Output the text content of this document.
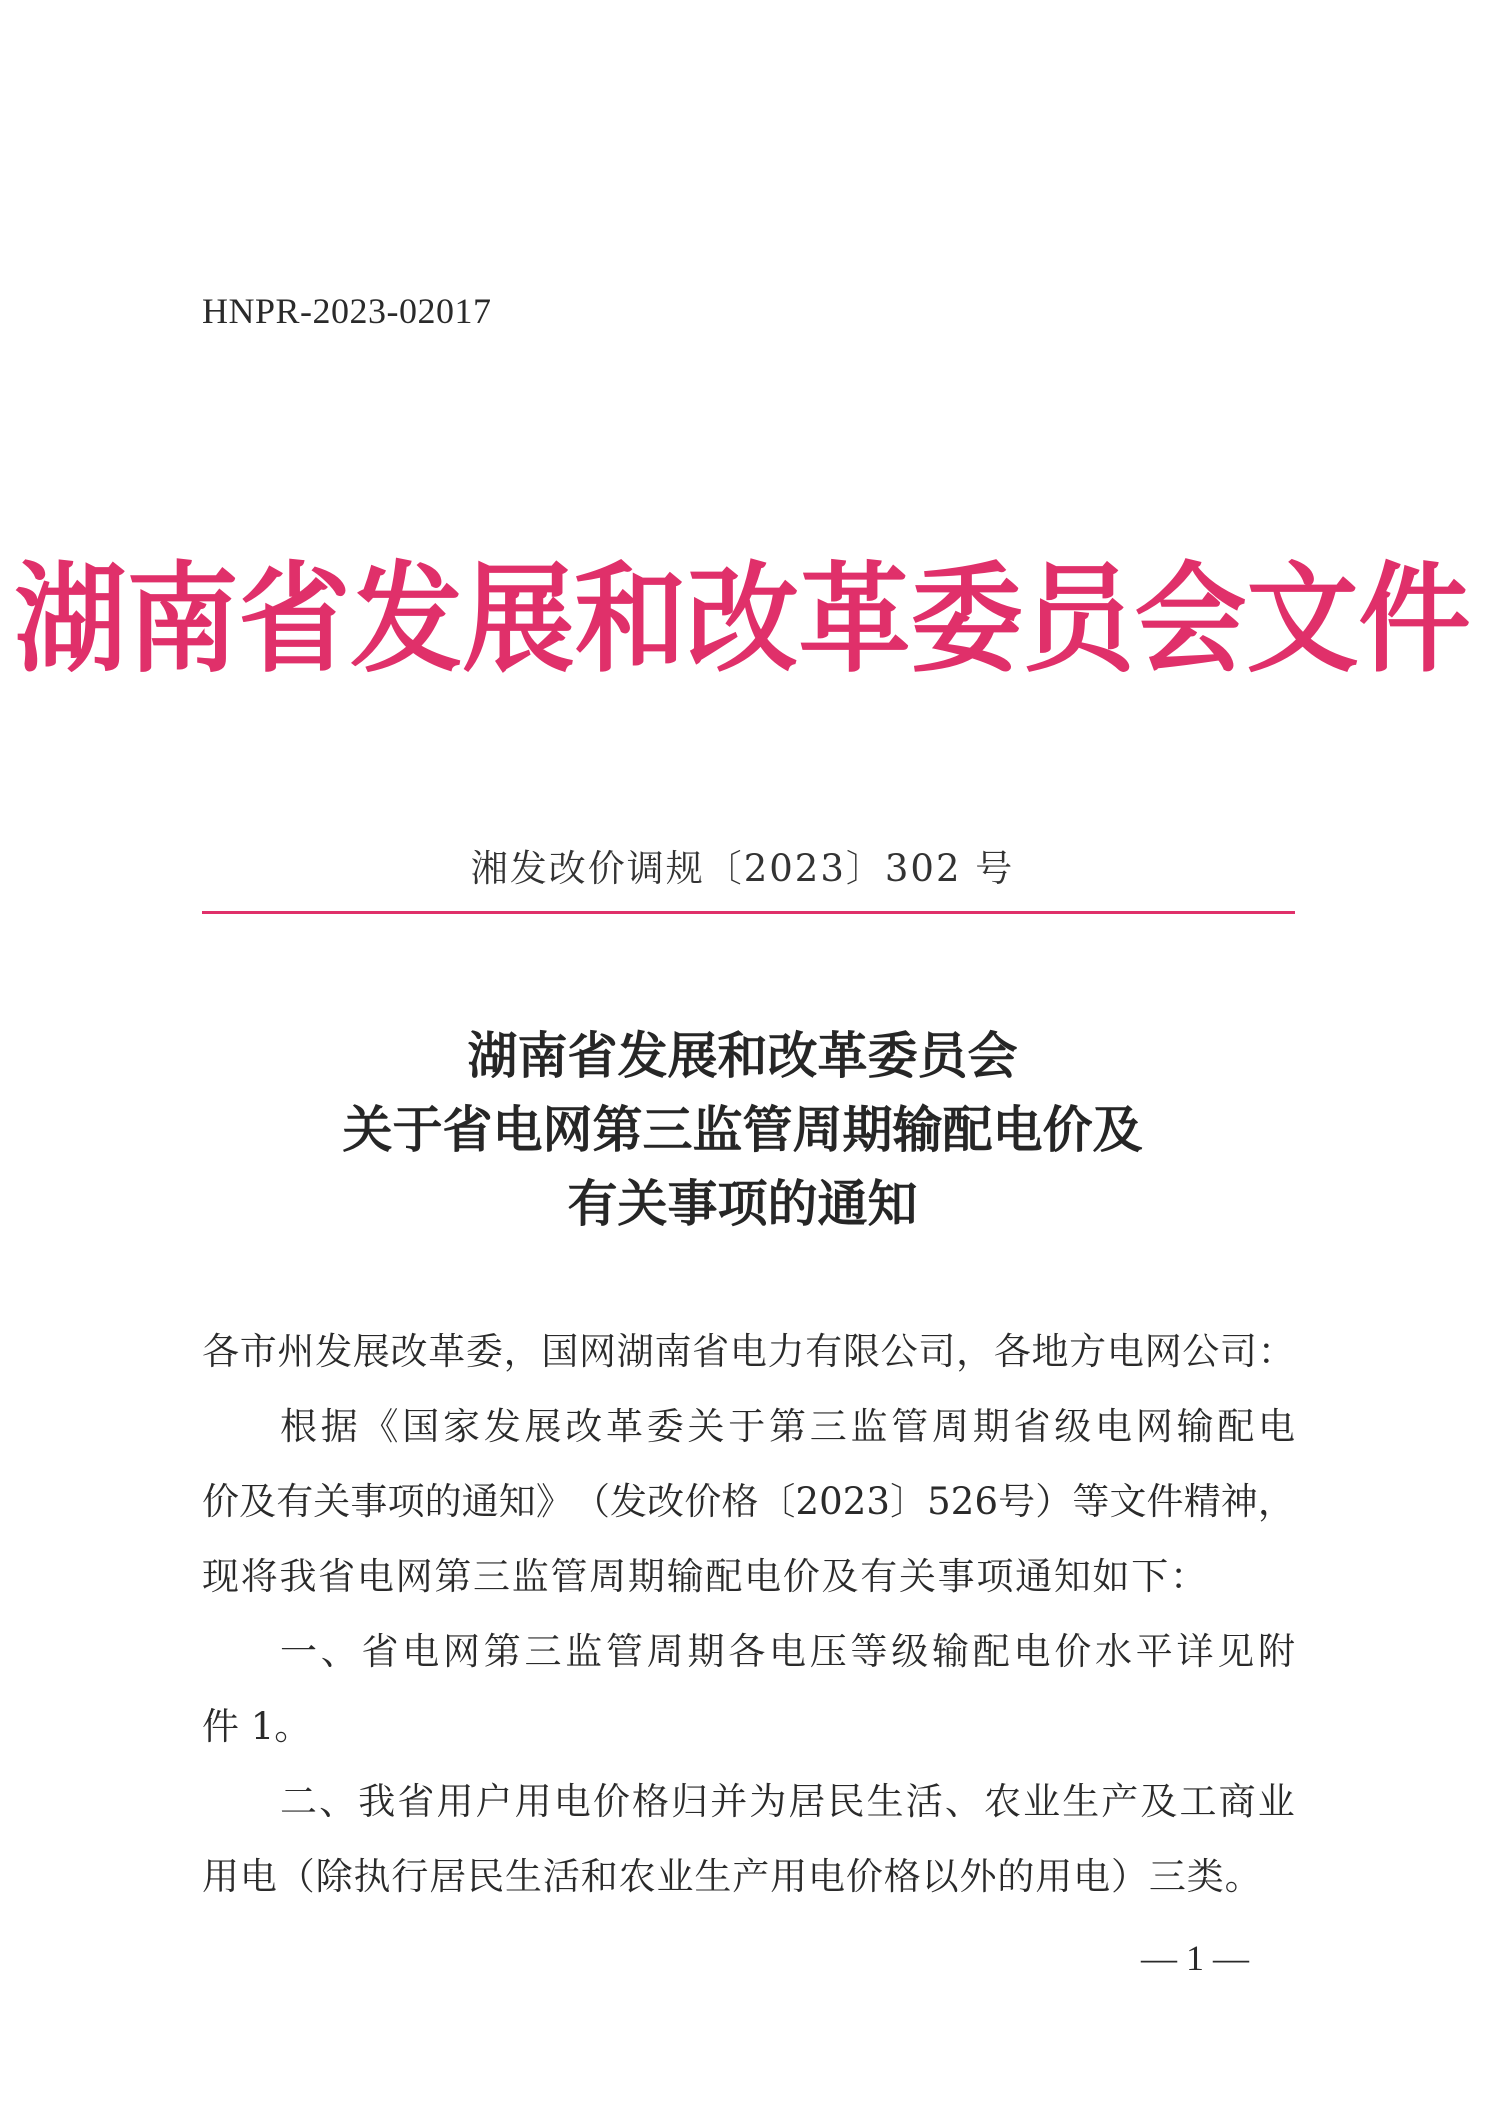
HNPR-2023-02017
湖南省发展和改革委员会文件
湘发改价调规〔2023〕302 号
湖南省发展和改革委员会
关于省电网第三监管周期输配电价及
有关事项的通知
各 市 州 发 展 改 革 委 ， 国 网 湖 南 省 电 力 有 限 公 司 ， 各 地 方 电 网 公 司 ：
根 据 《 国 家 发 展 改 革 委 关 于 第 三 监 管 周 期 省 级 电 网 输 配 电
价 及 有 关 事 项 的 通 知 》 （ 发 改 价 格 〔 2 0 2 3 〕 5 2 6 号 ） 等 文 件 精 神 ，
现 将 我 省 电 网 第 三 监 管 周 期 输 配 电 价 及 有 关 事 项 通 知 如 下 ：
一 、 省 电 网 第 三 监 管 周 期 各 电 压 等 级 输 配 电 价 水 平 详 见 附
件 1。
二 、 我 省 用 户 用 电 价 格 归 并 为 居 民 生 活 、 农 业 生 产 及 工 商 业
用 电 （ 除 执 行 居 民 生 活 和 农 业 生 产 用 电 价 格 以 外 的 用 电 ） 三 类 。
— 1 —
